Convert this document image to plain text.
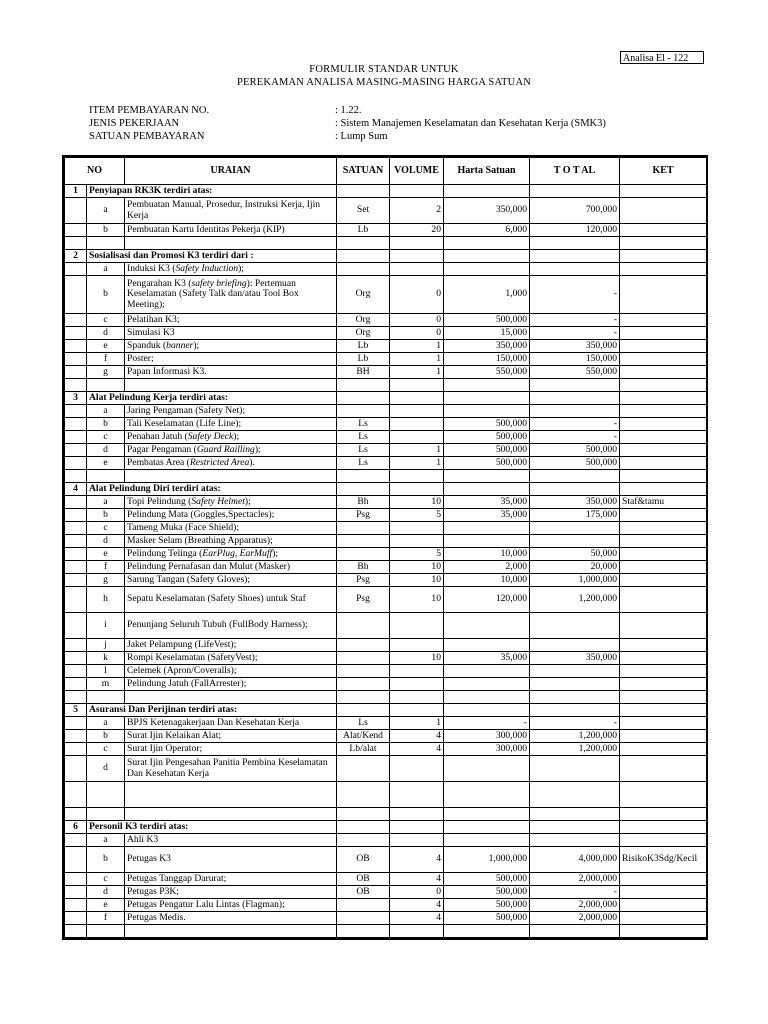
Analisa El - 122
FORMULIR STANDAR UNTUK
PEREKAMAN ANALISA MASING-MASING HARGA SATUAN
ITEM PEMBAYARAN NO.	: 1.22.
JENIS PEKERJAAN	: Sistem Manajemen Keselamatan dan Kesehatan Kerja (SMK3)
SATUAN PEMBAYARAN	: Lump Sum
NO		URAIAN	SATUAN	VOLUME	Harta Satuan	T O T AL	KET
1	Penyiapan RK3K terdiri atas:						
	a	Pembuatan Manual, Prosedur, Instruksi Kerja, Ijin Kerja	Set	2	350,000	700,000	
	b	Pembuatan Kartu Identitas Pekerja (KIP)	Lb	20	6,000	120,000	

2	Sosialisasi dan Promosi K3 terdiri dari :						
	a	Induksi K3 (Safety Induction);					
	b	Pengarahan K3 (safety briefing): Pertemuan Keselamatan (Safety Talk dan/atau Tool Box Meeting);	Org	0	1,000	-	
	c	Pelatihan K3;	Org	0	500,000	-	
	d	Simulasi K3	Org	0	15,000	-	
	e	Spanduk (banner);	Lb	1	350,000	350,000	
	f	Poster;	Lb	1	150,000	150,000	
	g	Papan Informasi K3.	BH	1	550,000	550,000	

3	Alat Pelindung Kerja terdiri atas:						
	a	Jaring Pengaman (Safety Net);					
	b	Tali Keselamatan (Life Line);	Ls		500,000	-	
	c	Penahan Jatuh (Safety Deck);	Ls		500,000	-	
	d	Pagar Pengaman (Guard Railling);	Ls	1	500,000	500,000	
	e	Pembatas Area (Restricted Area).	Ls	1	500,000	500,000	

4	Alat Pelindung Diri terdiri atas:						
	a	Topi Pelindung (Safety Helmet);	Bh	10	35,000	350,000	Staf&tamu
	b	Pelindung Mata (Goggles,Spectacles);	Psg	5	35,000	175,000	
	c	Tameng Muka (Face Shield);					
	d	Masker Selam (Breathing Apparatus);					
	e	Pelindung Telinga (EarPlug, EarMuff);		5	10,000	50,000	
	f	Pelindung Pernafasan dan Mulut (Masker)	Bh	10	2,000	20,000	
	g	Sarung Tangan (Safety Gloves);	Psg	10	10,000	1,000,000	
	h	Sepatu Keselamatan (Safety Shoes) untuk Staf	Psg	10	120,000	1,200,000	
	i	Penunjang Seluruh Tubuh (FullBody Harness);					
	j	Jaket Pelampung (LifeVest);					
	k	Rompi Keselamatan (SafetyVest);		10	35,000	350,000	
	l	Celemek (Apron/Coveralls);					
	m	Pelindung Jatuh (FallArrester);					

5	Asuransi Dan Perijinan terdiri atas:						
	a	BPJS Ketenagakerjaan Dan Kesehatan Kerja	Ls	1	-	-	
	b	Surat Ijin Kelaikan Alat;	Alat/Kend	4	300,000	1,200,000	
	c	Surat Ijin Operator;	Lb/alat	4	300,000	1,200,000	
	d	Surat Ijin Pengesahan Panitia Pembina Keselamatan Dan Kesehatan Kerja					

6	Personil K3 terdiri atas:						
	a	Ahli K3					
	b	Petugas K3	OB	4	1,000,000	4,000,000	RisikoK3Sdg/Kecil
	c	Petugas Tanggap Darurat;	OB	4	500,000	2,000,000	
	d	Petugas P3K;	OB	0	500,000	-	
	e	Petugas Pengatur Lalu Lintas (Flagman);		4	500,000	2,000,000	
	f	Petugas Medis.		4	500,000	2,000,000	
